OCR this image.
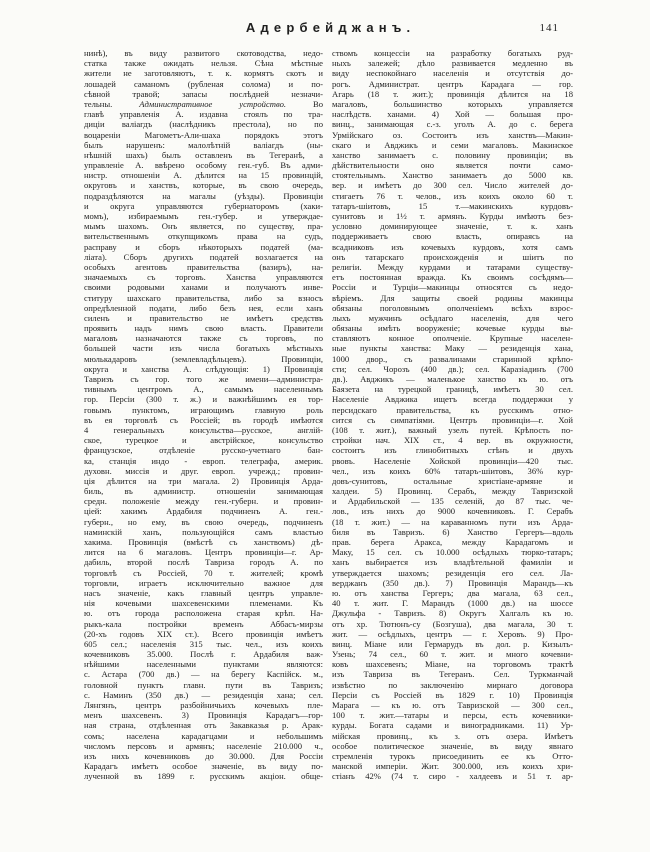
Адербейджанъ.	141
нинѣ), въ виду развитого скотоводства, недо-
статка также ожидать нельзя. Сѣна мѣстные
жители не заготовляютъ, т. к. кормятъ скотъ и
лошадей саманомъ (рубленая солома) и по-
сѣвной травой; запасы послѣдней незначи-
тельны. Административное устройство. Во
главѣ управленія А. издавна стоялъ по тра-
диціи валіагдъ (наслѣдникъ престола), но по
воцареніи Магометъ-Али-шаха порядокъ этотъ
былъ нарушенъ: малолѣтній валіагдъ (ны-
нѣшній шахъ) былъ оставленъ въ Тегеранѣ, а
управленіе А. ввѣрено особому ген.-губ. Въ адми-
нистр. отношеніи А. дѣлится на 15 провинцій,
округовъ и ханствъ, которые, въ свою очередь,
подраздѣляются на магалы (уѣзды). Провинціи
и округа управляются губернаторомъ (хаки-
момъ), избираемымъ ген.-губер. и утверждае-
мымъ шахомъ. Онъ является, по существу, пра-
вительственнымъ откупщикомъ права на судъ,
расправу и сборъ нѣкоторыхъ податей (ма-
ліата). Сборъ другихъ податей возлагается на
особыхъ агентовъ правительства (вазиръ), на-
значаемыхъ съ торговъ. Ханства управляются
своими родовыми ханами и получаютъ инве-
ституру шахскаго правительства, либо за взносъ
опредѣленной подати, либо безъ нея, если ханъ
силенъ и правительство не имѣетъ средствъ
проявить надъ нимъ свою власть. Правители
магаловъ назначаются также съ торговъ, по
большей части изъ числа богатыхъ мѣстныхъ
мюлькадаровъ (землевладѣльцевъ). Провинціи,
округа и ханства А. слѣдующія: 1) Провинція
Тавризъ съ гор. того же имени—администра-
тивнымъ центромъ А., самымъ населеннымъ
гор. Персіи (300 т. ж.) и важнѣйшимъ ея тор-
говымъ пунктомъ, играющимъ главную роль
въ ея торговлѣ съ Россіей; въ городѣ имѣются
4 генеральныхъ консульства—русское, англій-
ское, турецкое и австрійское, консульство
французское, отдѣленіе русско-учетнаго бан-
ка, станція индо - европ. телеграфа, америк.
духовн. миссія и друг. европ. учрежд.; провин-
ція дѣлится на три магала. 2) Провинція Арда-
биль, въ администр. отношеніи занимающая
средн. положеніе между ген.-губерн. и провин-
ціей: хакимъ Ардабиля подчиненъ А. ген.-
губерн., но ему, въ свою очередь, подчиненъ
наминскій ханъ, пользующійся самъ властью
хакима. Провинція (вмѣстѣ съ ханствомъ) дѣ-
лится на 6 магаловъ. Центръ провинціи—г. Ар-
дабиль, второй послѣ Тавриза городъ А. по
торговлѣ съ Россіей, 70 т. жителей; кромѣ
торговли, играетъ исключительно важное для
насъ значеніе, какъ главный центръ управле-
нія кочевыми шахсевенскими племенами. Къ
ю. отъ города расположена старая крѣп. На-
рыкъ-кала постройки временъ Аббасъ-мирзы
(20-хъ годовъ XIX ст.). Всего провинція имѣетъ
605 сел.; населенія 315 тыс. чел., изъ коихъ
кочевниковъ 35.000. Послѣ г. Ардабиля важ-
нѣйшими населенными пунктами являются:
с. Астара (700 дв.) — на берегу Каспійск. м.,
головной пунктъ главн. пути въ Тавризъ;
с. Наминъ (350 дв.) — резиденція хана; сел.
Лянгянъ, центръ разбойничьихъ кочевыхъ пле-
менъ шахсевенъ. 3) Провинція Карадагъ—гор-
ная страна, отдѣленная отъ Закавказья р. Арак-
сомъ; населена карадагцами и небольшимъ
числомъ персовъ и армянъ; населеніе 210.000 ч.,
изъ нихъ кочевниковъ до 30.000. Для Россіи
Карадагъ имѣетъ особое значеніе, въ виду по-
лученной въ 1899 г. русскимъ акціон. обще-
ствомъ концессіи на разработку богатыхъ руд-
ныхъ залежей; дѣло развивается медленно въ
виду неспокойнаго населенія и отсутствія до-
рогъ. Администрат. центръ Карадага — гор.
Агарь (18 т. жит.); провинція дѣлится на 18
магаловъ, большинство которыхъ управляется
наслѣдств. ханами. 4) Хой — большая про-
винц., занимающая с.-з. уголъ А. до с. берега
Урмійскаго оз. Состоитъ изъ ханствъ—Макин-
скаго и Авджикъ и семи магаловъ. Макинское
ханство занимаетъ с. половину провинціи; въ
дѣйствительности оно является почти само-
стоятельнымъ. Ханство занимаетъ до 5000 кв.
вер. и имѣетъ до 300 сел. Число жителей до-
стигаетъ 76 т. челов., изъ коихъ около 60 т.
татаръ-шіитовъ, 15 т.—макинскихъ курдовъ-
сунитовъ и 1½ т. армянъ. Курды имѣютъ без-
условно доминирующее значеніе, т. к. ханъ
поддерживаетъ свою власть, опираясь на
всадниковъ изъ кочевыхъ курдовъ, хотя самъ
онъ татарскаго происхожденія и шіитъ по
религіи. Между курдами и татарами существу-
етъ постоянная вражда. Къ своимъ сосѣдямъ—
Россіи и Турціи—макинцы относятся съ недо-
вѣріемъ. Для защиты своей родины макинцы
обязаны поголовнымъ ополченіемъ всѣхъ взрос-
лыхъ мужчинъ осѣдлаго населенія, для чего
обязаны имѣть вооруженіе; кочевые курды вы-
ставляютъ конное ополченіе. Крупные населен-
ные пункты ханства: Маку — резиденція хана,
1000 двор., съ развалинами старинной крѣпо-
сти; сел. Чорозъ (400 дв.); сел. Каразіадинъ (700
дв.). Авджикъ — маленькое ханство къ ю. отъ
Баязета на турецкой границѣ, имѣетъ 30 сел.
Населеніе Авджика ищетъ всегда поддержки у
персидскаго правительства, къ русскимъ отно-
сится съ симпатіями. Центръ провинціи—г. Хой
(108 т. жит.), важный узелъ путей. Крѣпость по-
стройки нач. XIX ст., 4 вер. въ окружности,
состоитъ изъ глинобитныхъ стѣнъ и двухъ
рвовъ. Населеніе Хойской провинціи—420 тыс.
чел., изъ коихъ 60% татаръ-шіитовъ, 36% кур-
довъ-сунитовъ, остальные христіане-армяне и
халдеи. 5) Провинц. Серабъ, между Тавризской
и Ардабильской — 135 селеній, до 87 тыс. че-
лов., изъ нихъ до 9000 кочевниковъ. Г. Серабъ
(18 т. жит.) — на караванномъ пути изъ Арда-
биля въ Тавризъ. 6) Ханство Гергеръ—вдоль
прав. берега Аракса, между Карадагомъ и
Маку, 15 сел. съ 10.000 осѣдлыхъ тюрко-татаръ;
ханъ выбирается изъ владѣтельной фамиліи и
утверждается шахомъ; резиденція его сел. Ла-
верджанъ (350 дв.). 7) Провинція Марандъ—къ
ю. отъ ханства Гергеръ; два магала, 63 сел.,
40 т. жит. Г. Марандъ (1000 дв.) на шоссе
Джульфа - Тавризъ. 8) Округъ Халгалъ къ ю.
отъ хр. Тютюнъ-су (Бозгуша), два магала, 30 т.
жит. — осѣдлыхъ, центръ — г. Херовъ. 9) Про-
винц. Міане или Гермарудъ въ дол. р. Кизылъ-
Узень; 74 сел., 60 т. жит. и много кочевни-
ковъ шахсевенъ; Міане, на торговомъ трактѣ
изъ Тавриза въ Тегеранъ. Сел. Туркманчай
извѣстно по заключенію мирнаго договора
Персіи съ Россіей въ 1829 г. 10) Провинція
Марага — къ ю. отъ Тавризской — 300 сел.,
100 т. жит.—татары и персы, есть кочевники-
курды. Богата садами и виноградниками. 11) Ур-
мійская провинц., къ з. отъ озера. Имѣетъ
особое политическое значеніе, въ виду явнаго
стремленія турокъ присоединить ее къ Отто-
манской имперіи. Жит. 300.000, изъ коихъ хри-
стіанъ 42% (74 т. сиро - халдеевъ и 51 т. ар-
